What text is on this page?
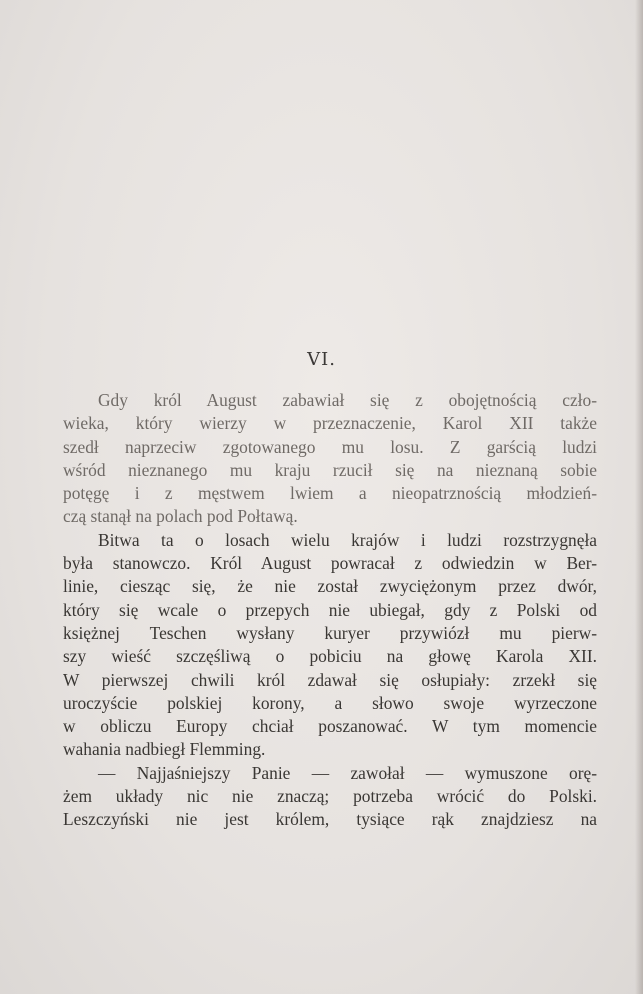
VI.
Gdy król August zabawiał się z obojętnością czło-
wieka, który wierzy w przeznaczenie, Karol XII także
szedł naprzeciw zgotowanego mu losu. Z garścią ludzi
wśród nieznanego mu kraju rzucił się na nieznaną sobie
potęgę i z męstwem lwiem a nieopatrznością młodzień-
czą stanął na polach pod Połtawą.
Bitwa ta o losach wielu krajów i ludzi rozstrzygnęła
była stanowczo. Król August powracał z odwiedzin w Ber-
linie, ciesząc się, że nie został zwyciężonym przez dwór,
który się wcale o przepych nie ubiegał, gdy z Polski od
księżnej Teschen wysłany kuryer przywiózł mu pierw-
szy wieść szczęśliwą o pobiciu na głowę Karola XII.
W pierwszej chwili król zdawał się osłupiały: zrzekł się
uroczyście polskiej korony, a słowo swoje wyrzeczone
w obliczu Europy chciał poszanować. W tym momencie
wahania nadbiegł Flemming.
— Najjaśniejszy Panie — zawołał — wymuszone orę-
żem układy nic nie znaczą; potrzeba wrócić do Polski.
Leszczyński nie jest królem, tysiące rąk znajdziesz na
